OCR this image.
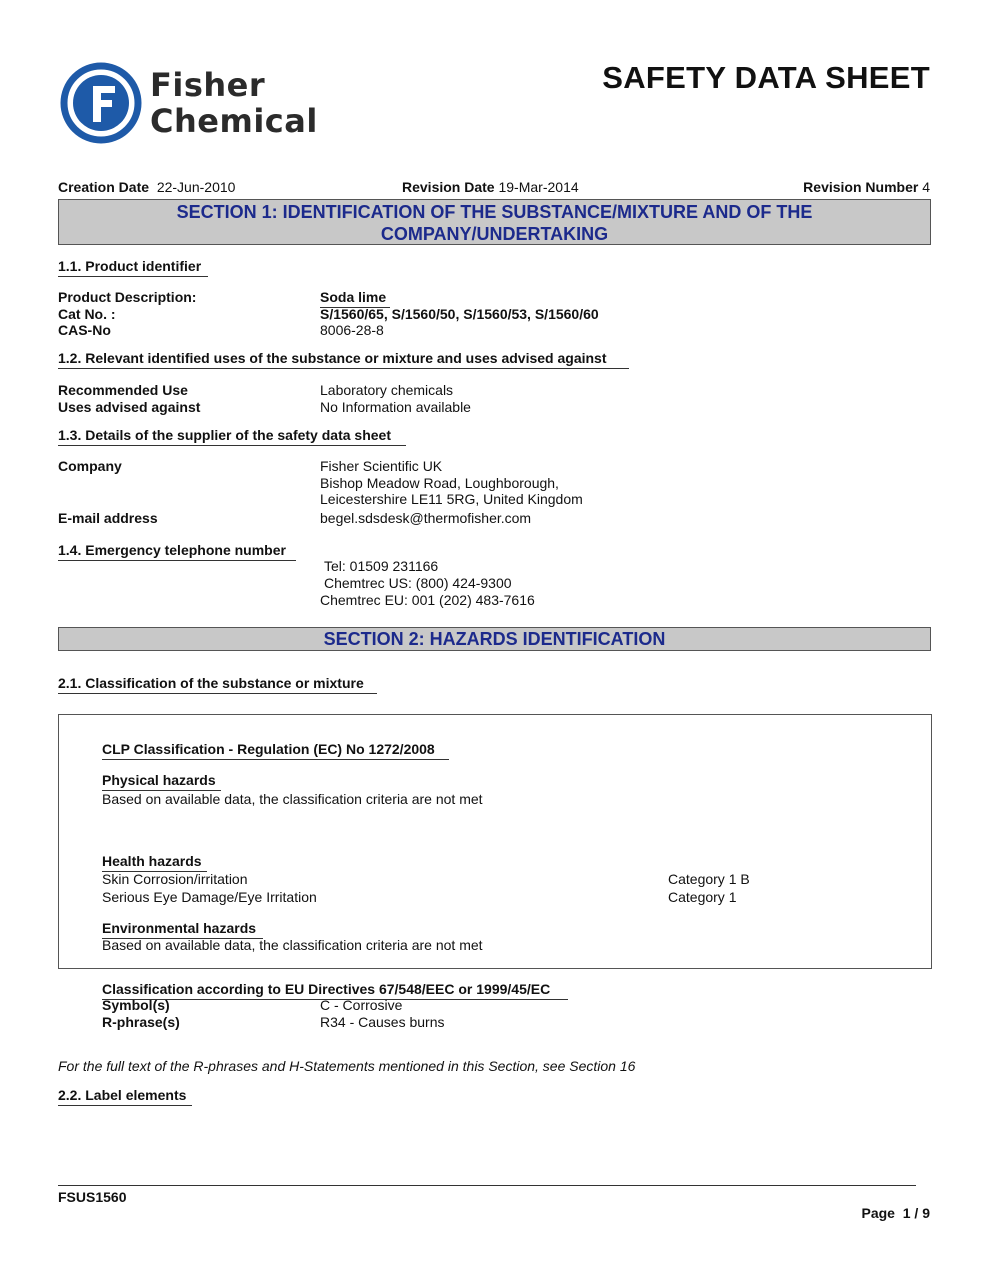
Fisher
Chemical
SAFETY DATA SHEET
Creation Date 22-Jun-2010	Revision Date 19-Mar-2014	Revision Number 4
SECTION 1: IDENTIFICATION OF THE SUBSTANCE/MIXTURE AND OF THE
COMPANY/UNDERTAKING
1.1. Product identifier
Product Description:	Soda lime
Cat No. :	S/1560/65, S/1560/50, S/1560/53, S/1560/60
CAS-No	8006-28-8
1.2. Relevant identified uses of the substance or mixture and uses advised against
Recommended Use	Laboratory chemicals
Uses advised against	No Information available
1.3. Details of the supplier of the safety data sheet
Company	Fisher Scientific UK
Bishop Meadow Road, Loughborough,
Leicestershire LE11 5RG, United Kingdom
E-mail address	begel.sdsdesk@thermofisher.com
1.4. Emergency telephone number
Tel: 01509 231166
Chemtrec US: (800) 424-9300
Chemtrec EU: 001 (202) 483-7616
SECTION 2: HAZARDS IDENTIFICATION
2.1. Classification of the substance or mixture
CLP Classification - Regulation (EC) No 1272/2008
Physical hazards
Based on available data, the classification criteria are not met
Health hazards
Skin Corrosion/irritation	Category 1 B
Serious Eye Damage/Eye Irritation	Category 1
Environmental hazards
Based on available data, the classification criteria are not met
Classification according to EU Directives 67/548/EEC or 1999/45/EC
Symbol(s)	C - Corrosive
R-phrase(s)	R34 - Causes burns
For the full text of the R-phrases and H-Statements mentioned in this Section, see Section 16
2.2. Label elements
FSUS1560
Page 1 / 9
